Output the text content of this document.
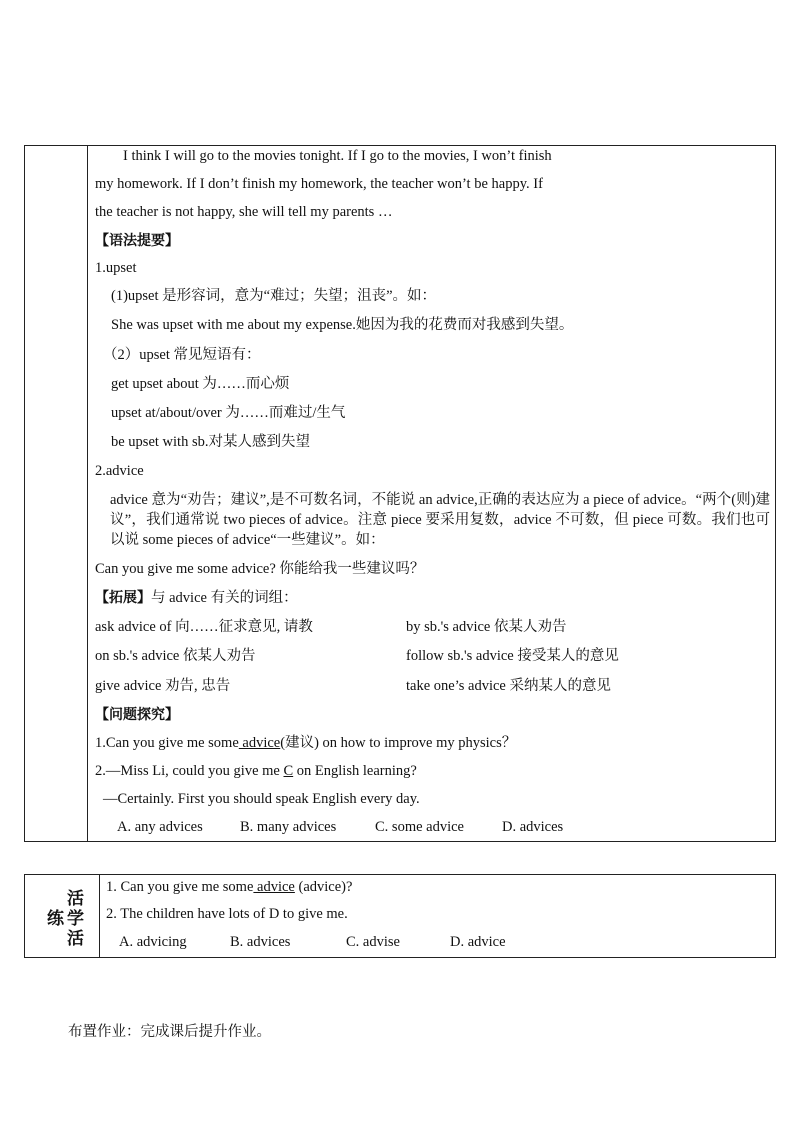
I think I will go to the movies tonight. If I go to the movies, I won’t finish
my homework. If I don’t finish my homework, the teacher won’t be happy. If
the teacher is not happy, she will tell my parents …
【语法提要】
1.upset
(1)upset 是形容词，意为“难过；失望；沮丧”。如：
She was upset with me about my expense.她因为我的花费而对我感到失望。
（2）upset 常见短语有：
get upset about 为……而心烦
upset at/about/over 为……而难过/生气
be upset with sb.对某人感到失望
2.advice
advice 意为“劝告；建议”,是不可数名词，不能说 an advice,正确的表达应为 a piece of advice。“两个(则)建议”，我们通常说 two pieces of advice。注意 piece 要采用复数，advice 不可数，但 piece 可数。我们也可以说 some pieces of advice“一些建议”。如：
Can you give me some advice? 你能给我一些建议吗？
【拓展】与 advice 有关的词组：
ask advice of 向……征求意见, 请教	by sb.'s advice 依某人劝告
on sb.'s advice 依某人劝告	follow sb.'s advice 接受某人的意见
give advice 劝告, 忠告	take one’s advice 采纳某人的意见
【问题探究】
1.Can you give me some advice(建议) on how to improve my physics？
2.—Miss Li, could you give me C on English learning?
—Certainly. First you should speak English every day.
A. any advices	B. many advices	C. some advice	D. advices
活
学
活
练
1. Can you give me some advice (advice)?
2. The children have lots of D to give me.
A. advicing	B. advices	C. advise	D. advice
布置作业：完成课后提升作业。
